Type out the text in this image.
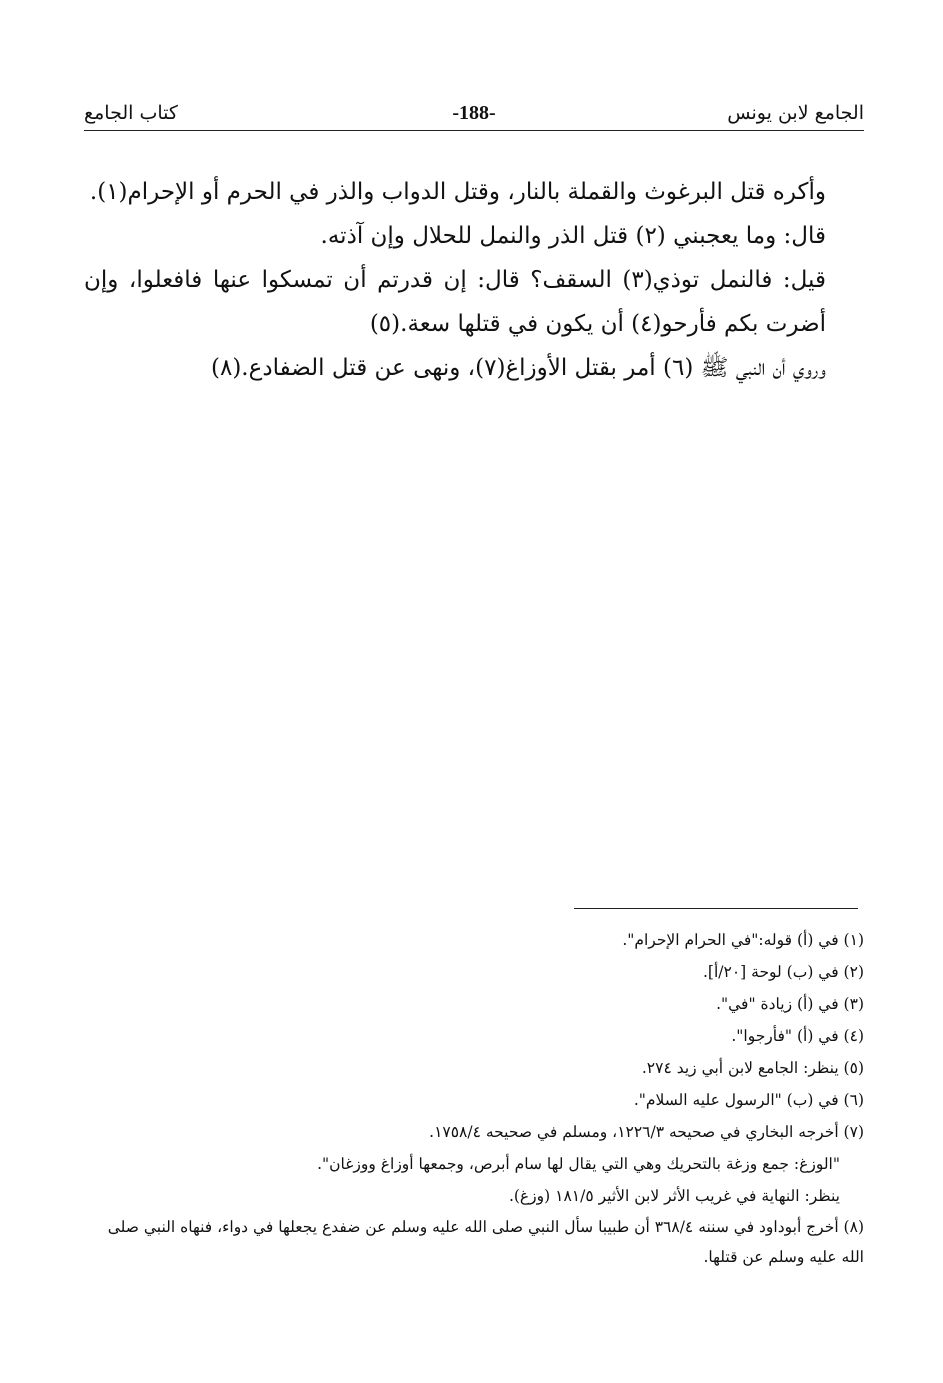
الجامع لابن يونس
-188-
كتاب الجامع

وأكره قتل البرغوث والقملة بالنار، وقتل الدواب والذر في الحرم أو الإحرام(١).

قال: وما يعجبني (٢) قتل الذر والنمل للحلال وإن آذته.

قيل: فالنمل توذي(٣) السقف؟ قال: إن قدرتم أن تمسكوا عنها فافعلوا، وإن أضرت بكم فأرحو(٤) أن يكون في قتلها سعة.(٥)

وروي أن النبي ﷺ (٦) أمر بقتل الأوزاغ(٧)، ونهى عن قتل الضفادع.(٨)

(١) في (أ) قوله:"في الحرام الإحرام".

(٢) في (ب) لوحة [٢٠/أ].

(٣) في (أ) زيادة "في".

(٤) في (أ) "فأرجوا".

(٥) ينظر: الجامع لابن أبي زيد ٢٧٤.

(٦) في (ب) "الرسول عليه السلام".

(٧) أخرجه البخاري في صحيحه ١٢٢٦/٣، ومسلم في صحيحه ١٧٥٨/٤.

"الوزغ: جمع وزغة بالتحريك وهي التي يقال لها سام أبرص، وجمعها أوزاغ ووزغان".

ينظر: النهاية في غريب الأثر لابن الأثير ١٨١/٥ (وزغ).

(٨) أخرج أبوداود في سننه ٣٦٨/٤ أن طبيبا سأل النبي صلى الله عليه وسلم عن ضفدع يجعلها في دواء، فنهاه النبي صلى الله عليه وسلم عن قتلها.
